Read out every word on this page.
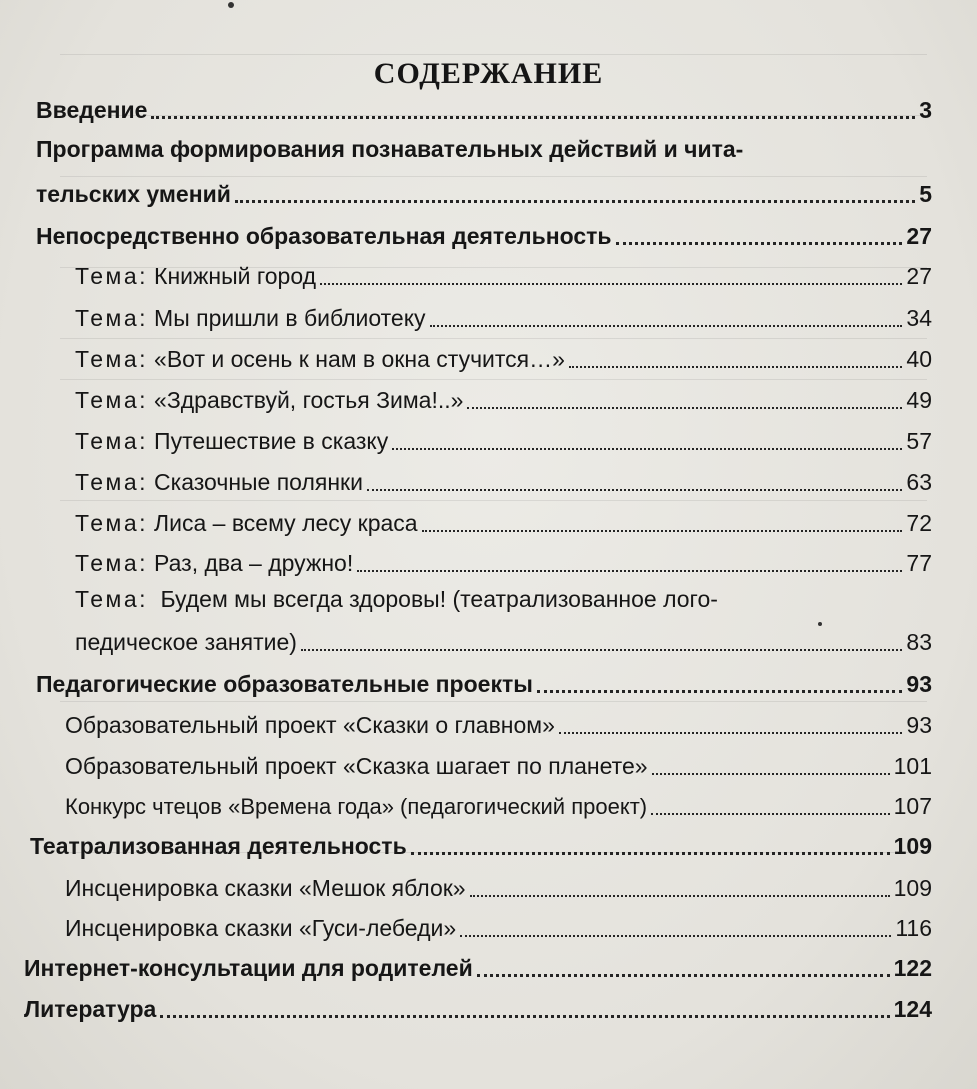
СОДЕРЖАНИЕ
Введение	3
Программа формирования познавательных действий и чита-
тельских умений	5
Непосредственно образовательная деятельность	27
Тема: Книжный город	27
Тема: Мы пришли в библиотеку	34
Тема: «Вот и осень к нам в окна стучится…»	40
Тема: «Здравствуй, гостья Зима!..»	49
Тема: Путешествие в сказку	57
Тема: Сказочные полянки	63
Тема: Лиса – всему лесу краса	72
Тема: Раз, два – дружно!	77
Тема: Будем мы всегда здоровы! (театрализованное лого-
педическое занятие)	83
Педагогические образовательные проекты	93
Образовательный проект «Сказки о главном»	93
Образовательный проект «Сказка шагает по планете»	101
Конкурс чтецов «Времена года» (педагогический проект)	107
Театрализованная деятельность	109
Инсценировка сказки «Мешок яблок»	109
Инсценировка сказки «Гуси-лебеди»	116
Интернет-консультации для родителей	122
Литература	124
